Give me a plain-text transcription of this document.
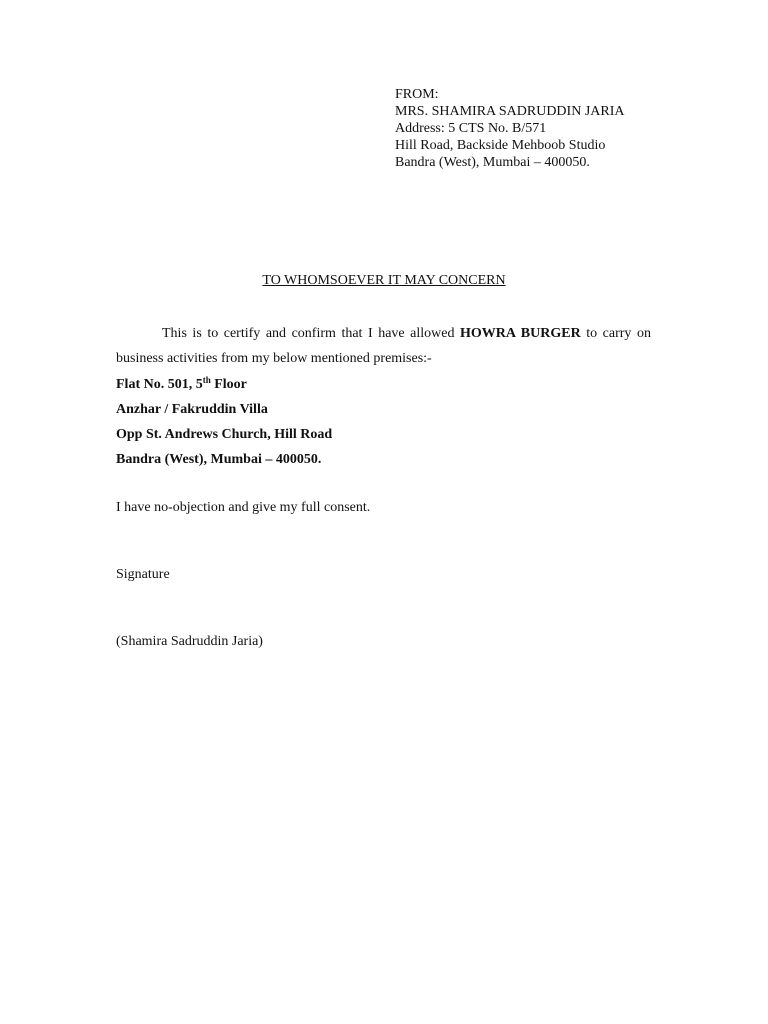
FROM:
MRS. SHAMIRA SADRUDDIN JARIA
Address: 5 CTS No. B/571
Hill Road, Backside Mehboob Studio
Bandra (West), Mumbai – 400050.
TO WHOMSOEVER IT MAY CONCERN
This is to certify and confirm that I have allowed HOWRA BURGER to carry on business activities from my below mentioned premises:-
Flat No. 501, 5th Floor
Anzhar / Fakruddin Villa
Opp St. Andrews Church, Hill Road
Bandra (West), Mumbai – 400050.
I have no-objection and give my full consent.
Signature
(Shamira Sadruddin Jaria)
